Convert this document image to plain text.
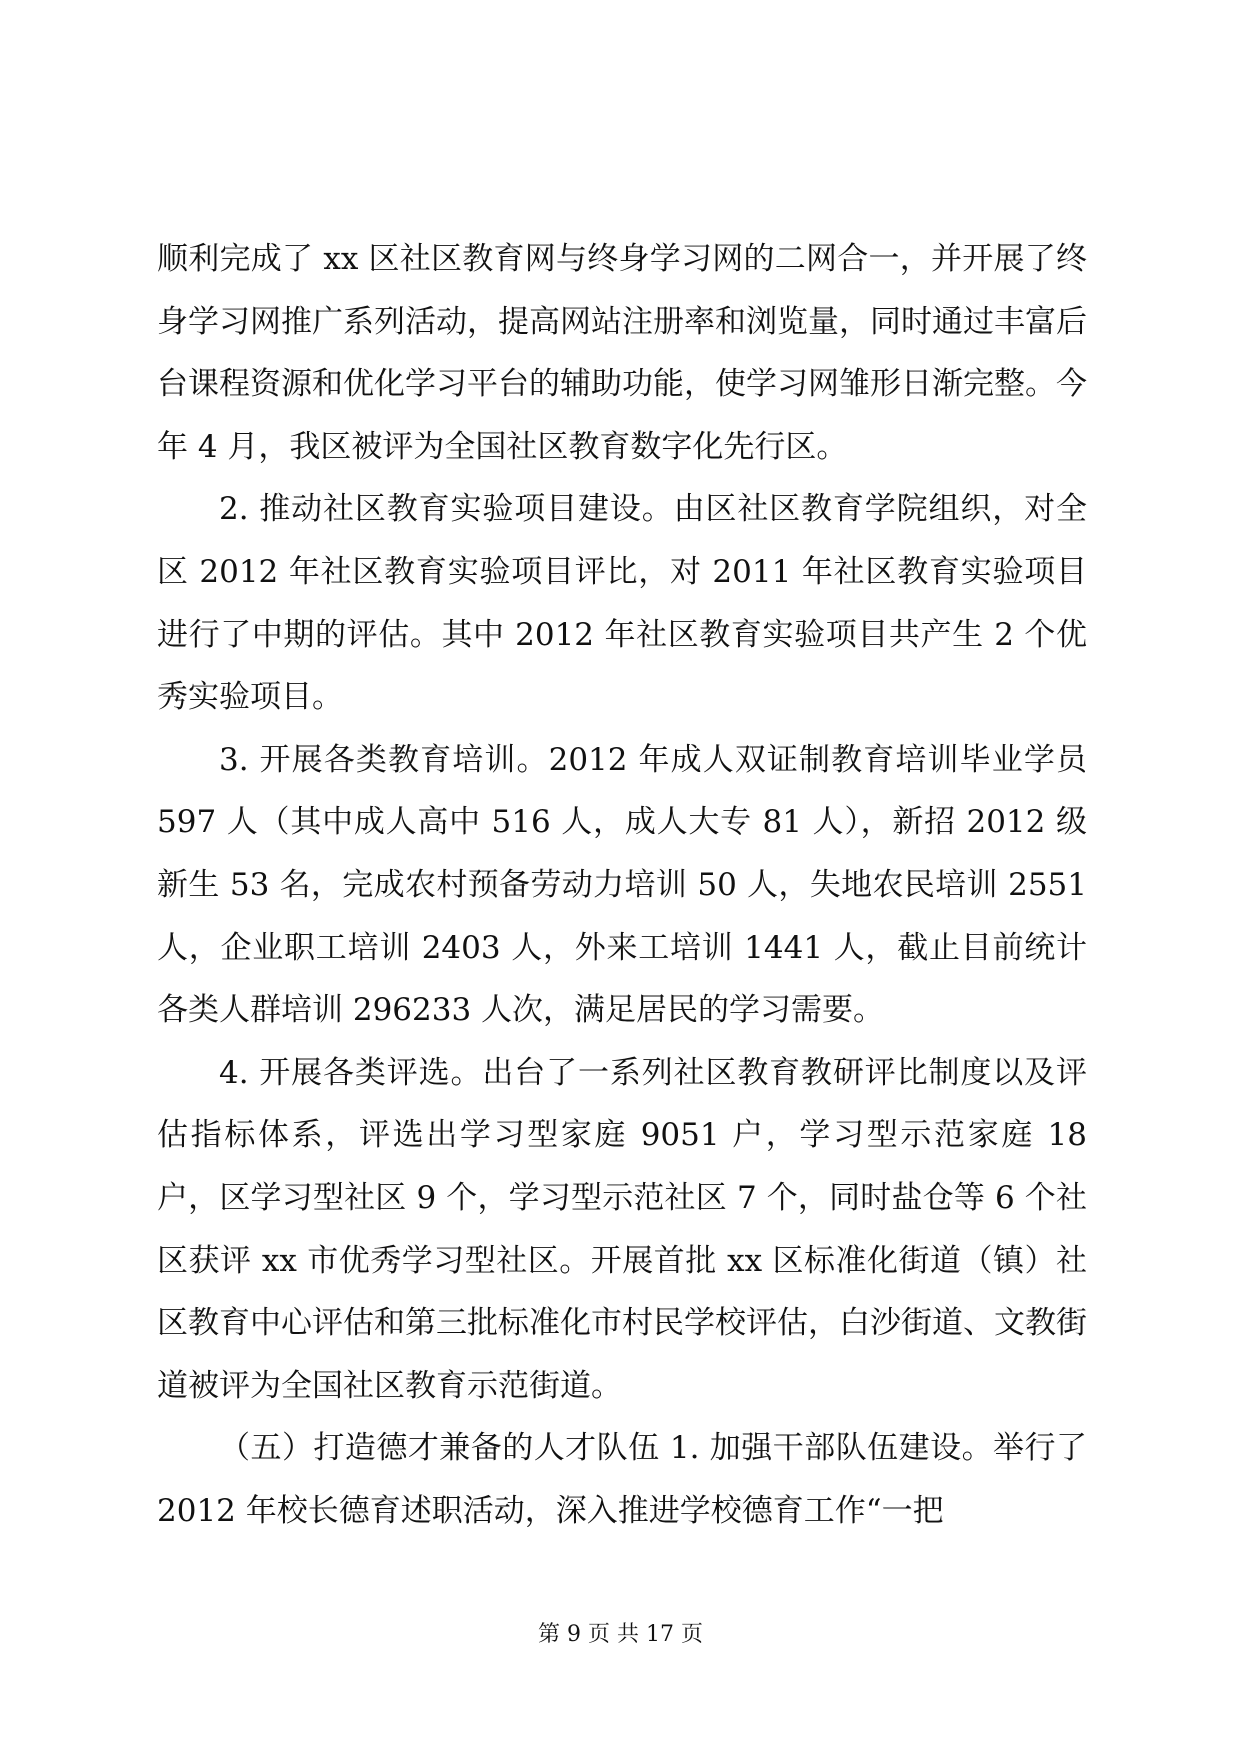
顺利完成了 xx 区社区教育网与终身学习网的二网合一，并开展了终身学习网推广系列活动，提高网站注册率和浏览量，同时通过丰富后台课程资源和优化学习平台的辅助功能，使学习网雏形日渐完整。今年 4 月，我区被评为全国社区教育数字化先行区。

2. 推动社区教育实验项目建设。由区社区教育学院组织，对全区 2012 年社区教育实验项目评比，对 2011 年社区教育实验项目进行了中期的评估。其中 2012 年社区教育实验项目共产生 2 个优秀实验项目。

3. 开展各类教育培训。2012 年成人双证制教育培训毕业学员 597 人（其中成人高中 516 人，成人大专 81 人），新招 2012 级新生 53 名，完成农村预备劳动力培训 50 人，失地农民培训 2551 人，企业职工培训 2403 人，外来工培训 1441 人，截止目前统计各类人群培训 296233 人次，满足居民的学习需要。

4. 开展各类评选。出台了一系列社区教育教研评比制度以及评估指标体系，评选出学习型家庭 9051 户，学习型示范家庭 18 户，区学习型社区 9 个，学习型示范社区 7 个，同时盐仓等 6 个社区获评 xx 市优秀学习型社区。开展首批 xx 区标准化街道（镇）社区教育中心评估和第三批标准化市村民学校评估，白沙街道、文教街道被评为全国社区教育示范街道。

（五）打造德才兼备的人才队伍 1. 加强干部队伍建设。举行了 2012 年校长德育述职活动，深入推进学校德育工作“一把

第 9 页 共 17 页
